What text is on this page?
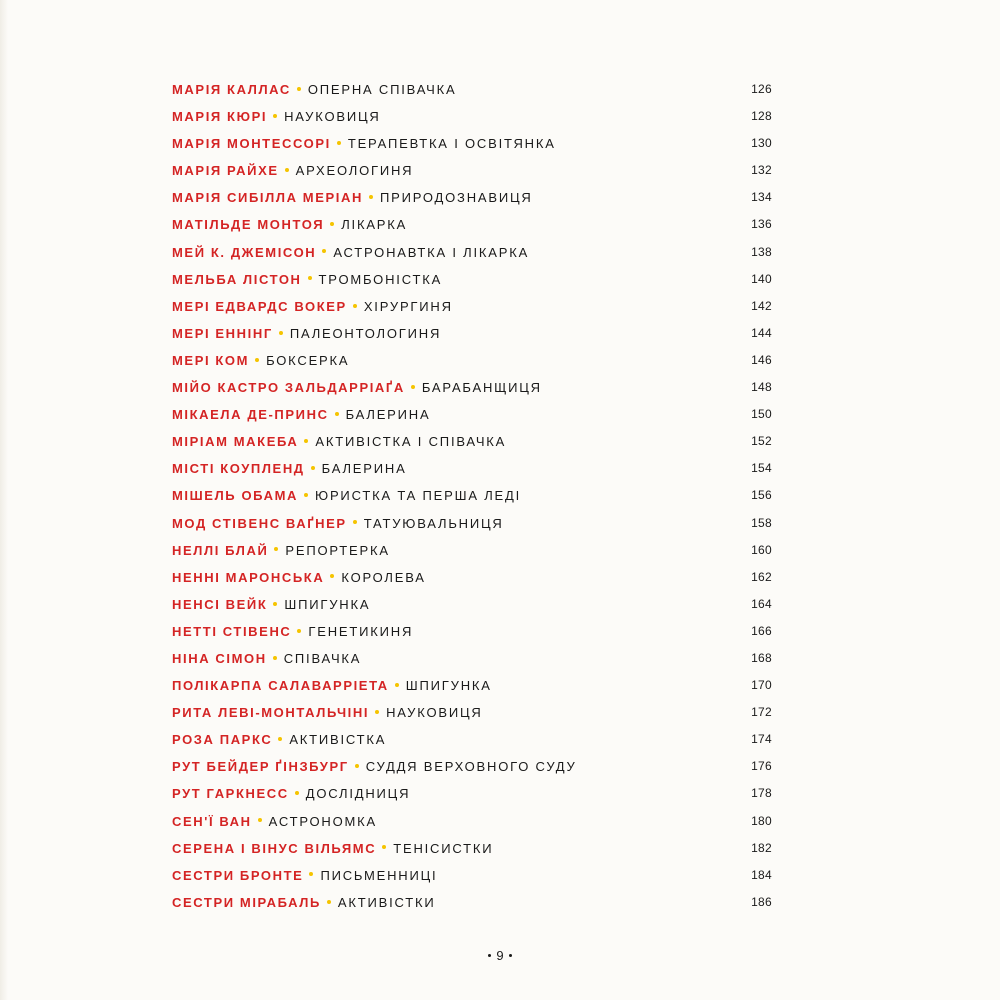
МАРІЯ КАЛЛАС ОПЕРНА СПІВАЧКА	126
МАРІЯ КЮРІ НАУКОВИЦЯ	128
МАРІЯ МОНТЕССОРІ ТЕРАПЕВТКА І ОСВІТЯНКА	130
МАРІЯ РАЙХЕ АРХЕОЛОГИНЯ	132
МАРІЯ СИБІЛЛА МЕРІАН ПРИРОДОЗНАВИЦЯ	134
МАТІЛЬДЕ МОНТОЯ ЛІКАРКА	136
МЕЙ К. ДЖЕМІСОН АСТРОНАВТКА І ЛІКАРКА	138
МЕЛЬБА ЛІСТОН ТРОМБОНІСТКА	140
МЕРІ ЕДВАРДС ВОКЕР ХІРУРГИНЯ	142
МЕРІ ЕННІНГ ПАЛЕОНТОЛОГИНЯ	144
МЕРІ КОМ БОКСЕРКА	146
МІЙО КАСТРО ЗАЛЬДАРРІАҐА БАРАБАНЩИЦЯ	148
МІКАЕЛА ДЕ-ПРИНС БАЛЕРИНА	150
МІРІАМ МАКЕБА АКТИВІСТКА І СПІВАЧКА	152
МІСТІ КОУПЛЕНД БАЛЕРИНА	154
МІШЕЛЬ ОБАМА ЮРИСТКА ТА ПЕРША ЛЕДІ	156
МОД СТІВЕНС ВАҐНЕР ТАТУЮВАЛЬНИЦЯ	158
НЕЛЛІ БЛАЙ РЕПОРТЕРКА	160
НЕННІ МАРОНСЬКА КОРОЛЕВА	162
НЕНСІ ВЕЙК ШПИГУНКА	164
НЕТТІ СТІВЕНС ГЕНЕТИКИНЯ	166
НІНА СІМОН СПІВАЧКА	168
ПОЛІКАРПА САЛАВАРРІЕТА ШПИГУНКА	170
РИТА ЛЕВІ-МОНТАЛЬЧІНІ НАУКОВИЦЯ	172
РОЗА ПАРКС АКТИВІСТКА	174
РУТ БЕЙДЕР ҐІНЗБУРГ СУДДЯ ВЕРХОВНОГО СУДУ	176
РУТ ГАРКНЕСС ДОСЛІДНИЦЯ	178
СЕН'Ї ВАН АСТРОНОМКА	180
СЕРЕНА І ВІНУС ВІЛЬЯМС ТЕНІСИСТКИ	182
СЕСТРИ БРОНТЕ ПИСЬМЕННИЦІ	184
СЕСТРИ МІРАБАЛЬ АКТИВІСТКИ	186
9
